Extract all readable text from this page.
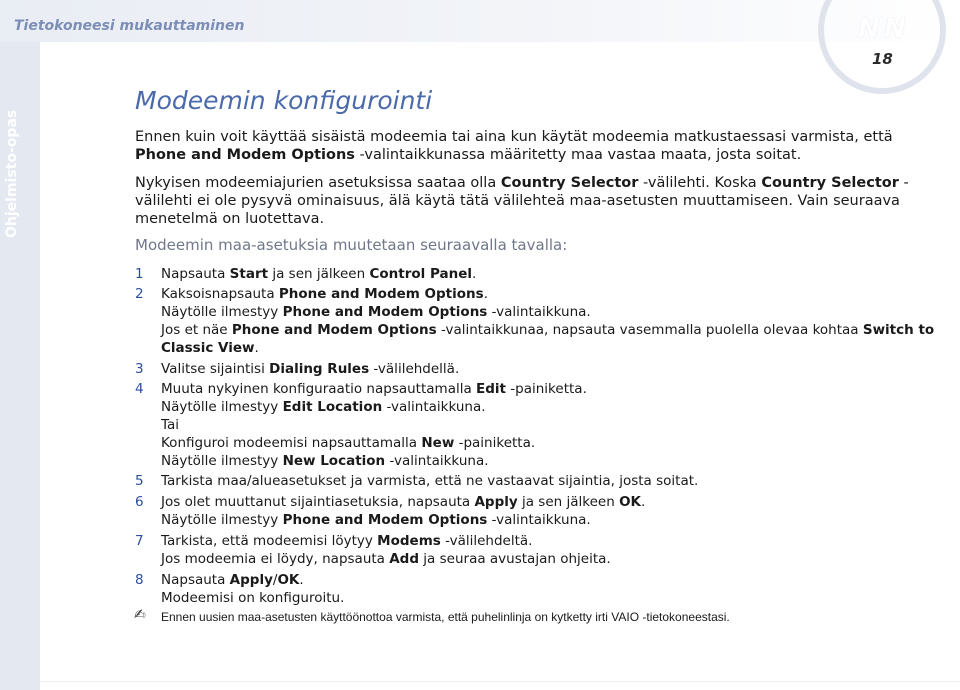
Tietokoneesi mukauttaminen
Ohjelmisto-opas
N N
18
Modeemin konfigurointi
Ennen kuin voit käyttää sisäistä modeemia tai aina kun käytät modeemia matkustaessasi varmista, että
Phone and Modem Options -valintaikkunassa määritetty maa vastaa maata, josta soitat.
Nykyisen modeemiajurien asetuksissa saataa olla Country Selector -välilehti. Koska Country Selector -
välilehti ei ole pysyvä ominaisuus, älä käytä tätä välilehteä maa-asetusten muuttamiseen. Vain seuraava
menetelmä on luotettava.
Modeemin maa-asetuksia muutetaan seuraavalla tavalla:
1 Napsauta Start ja sen jälkeen Control Panel.
2 Kaksoisnapsauta Phone and Modem Options.
Näytölle ilmestyy Phone and Modem Options -valintaikkuna.
Jos et näe Phone and Modem Options -valintaikkunaa, napsauta vasemmalla puolella olevaa kohtaa Switch to
Classic View.
3 Valitse sijaintisi Dialing Rules -välilehdellä.
4 Muuta nykyinen konfiguraatio napsauttamalla Edit -painiketta.
Näytölle ilmestyy Edit Location -valintaikkuna.
Tai
Konfiguroi modeemisi napsauttamalla New -painiketta.
Näytölle ilmestyy New Location -valintaikkuna.
5 Tarkista maa/alueasetukset ja varmista, että ne vastaavat sijaintia, josta soitat.
6 Jos olet muuttanut sijaintiasetuksia, napsauta Apply ja sen jälkeen OK.
Näytölle ilmestyy Phone and Modem Options -valintaikkuna.
7 Tarkista, että modeemisi löytyy Modems -välilehdeltä.
Jos modeemia ei löydy, napsauta Add ja seuraa avustajan ohjeita.
8 Napsauta Apply/OK.
Modeemisi on konfiguroitu.
✍ Ennen uusien maa-asetusten käyttöönottoa varmista, että puhelinlinja on kytketty irti VAIO -tietokoneestasi.
